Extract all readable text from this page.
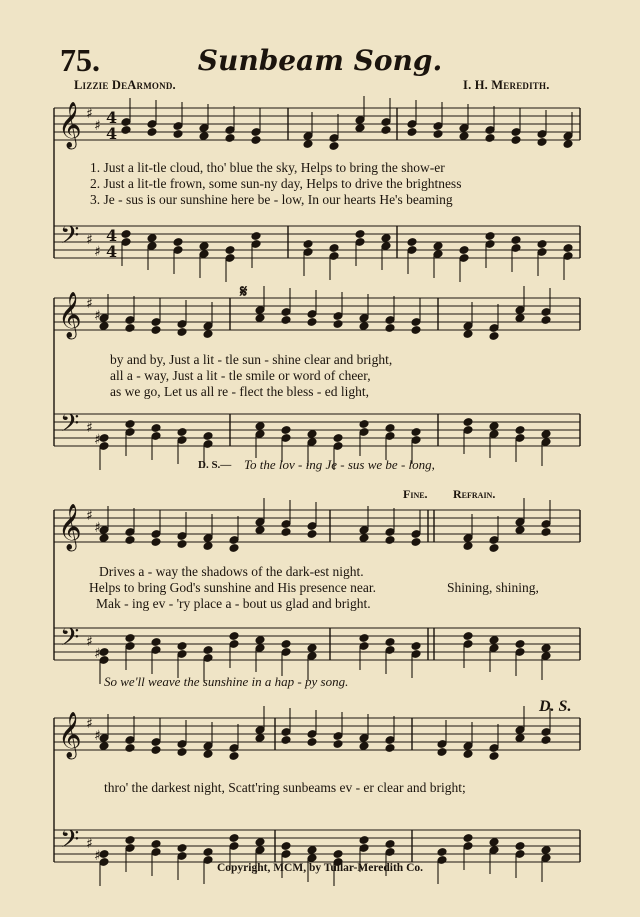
75.	Sunbeam Song.
Lizzie DeArmond.	I. H. Meredith.
𝄞
𝄢
♯
♯
♯
♯
4
4
4
4
𝄞
𝄢
♯
♯
♯
♯
𝄞
𝄢
♯
♯
♯
♯
𝄞
𝄢
♯
♯
♯
♯
1. Just a lit-tle cloud, tho' blue the sky, Helps to bring the show-er
2. Just a lit-tle frown, some sun-ny day, Helps to drive the brightness
3. Je - sus is our sunshine here be - low, In our hearts He's beaming
𝄋
by and by, Just a lit - tle sun - shine clear and bright,
all a - way, Just a lit - tle smile or word of cheer,
as we go, Let us all re - flect the bless - ed light,
D. S.— To the lov - ing Je - sus we be - long,
Fine. Refrain.
Drives a - way the shadows of the dark-est night.
Helps to bring God's sunshine and His presence near.
Mak - ing ev - 'ry place a - bout us glad and bright.
Shining, shining,
So we'll weave the sunshine in a hap - py song.
D. S.
thro' the darkest night, Scatt'ring sunbeams ev - er clear and bright;
Copyright, MCM, by Tullar-Meredith Co.
